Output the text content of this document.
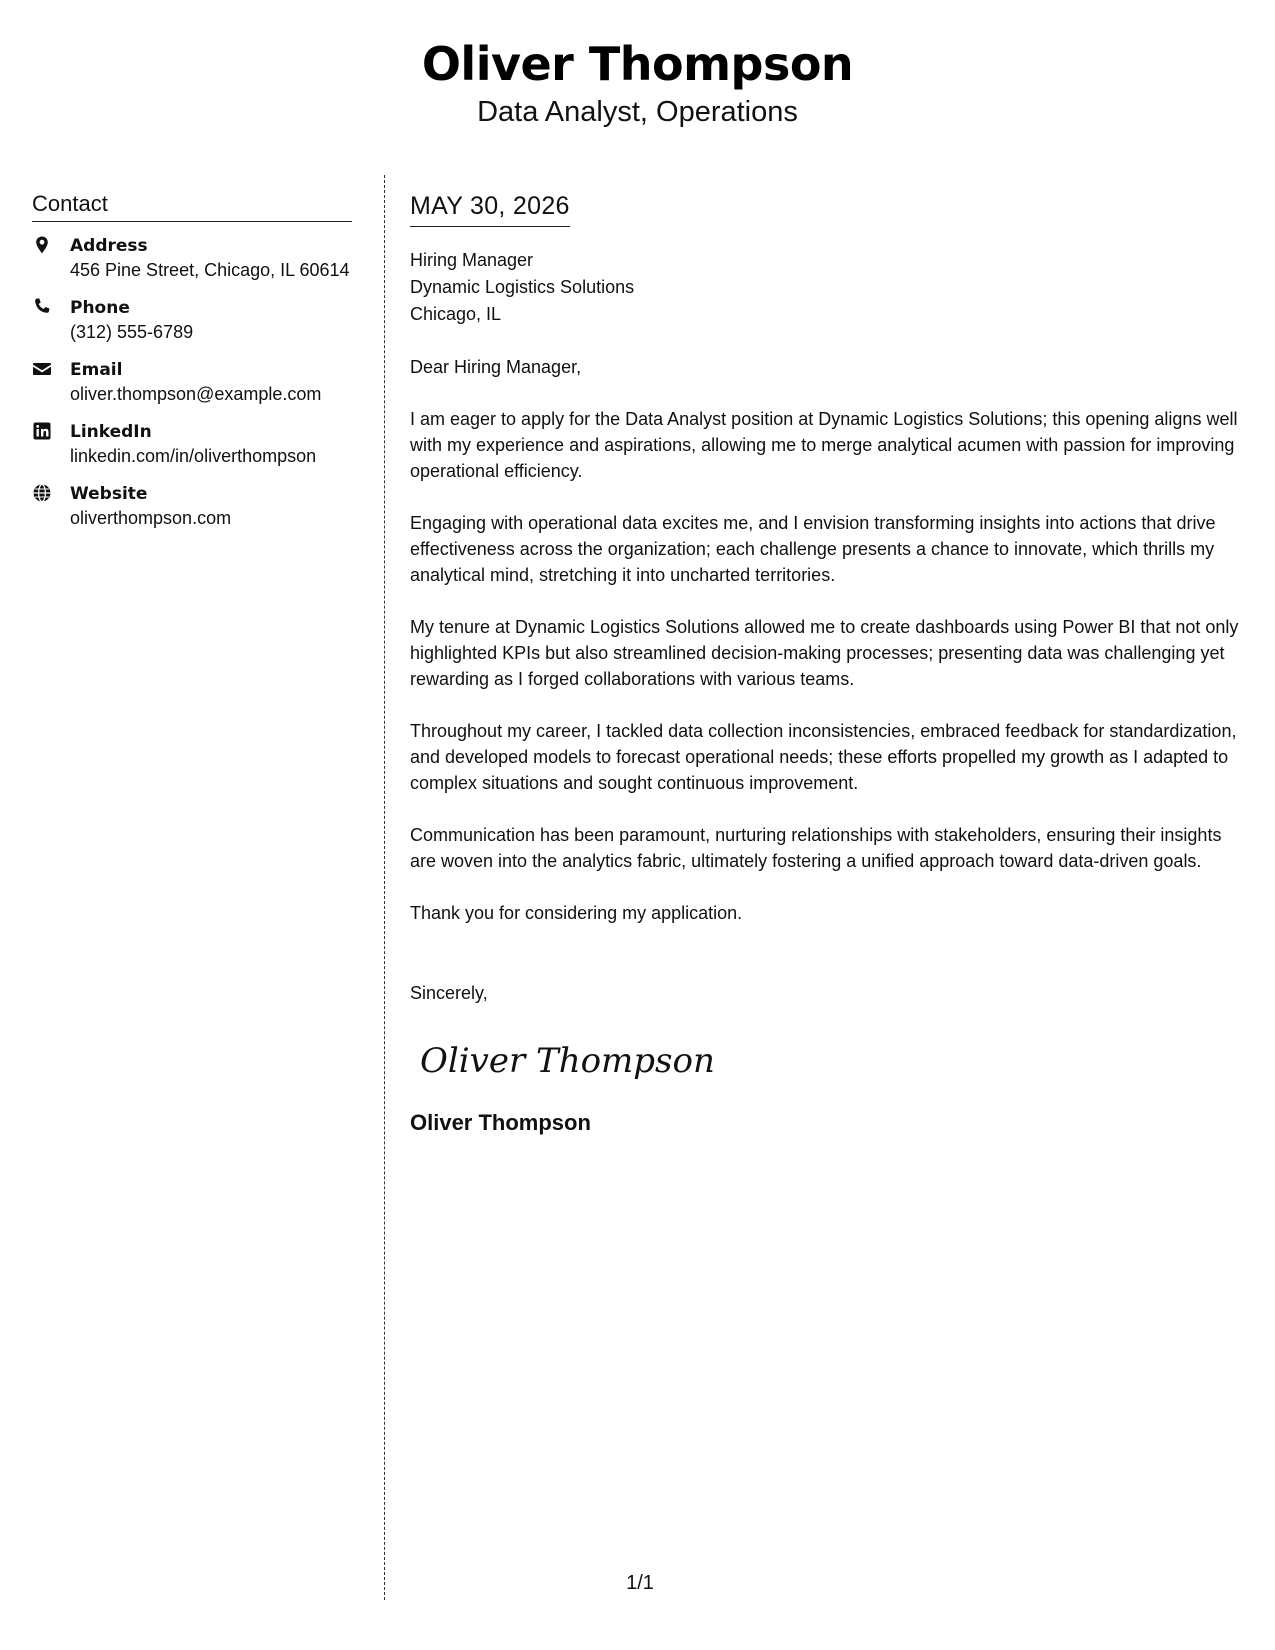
Oliver Thompson
Data Analyst, Operations
Contact
Address
456 Pine Street, Chicago, IL 60614
Phone
(312) 555-6789
Email
oliver.thompson@example.com
LinkedIn
linkedin.com/in/oliverthompson
Website
oliverthompson.com
MAY 30, 2026
Hiring Manager
Dynamic Logistics Solutions
Chicago, IL
Dear Hiring Manager,
I am eager to apply for the Data Analyst position at Dynamic Logistics Solutions; this opening aligns well with my experience and aspirations, allowing me to merge analytical acumen with passion for improving operational efficiency.
Engaging with operational data excites me, and I envision transforming insights into actions that drive effectiveness across the organization; each challenge presents a chance to innovate, which thrills my analytical mind, stretching it into uncharted territories.
My tenure at Dynamic Logistics Solutions allowed me to create dashboards using Power BI that not only highlighted KPIs but also streamlined decision-making processes; presenting data was challenging yet rewarding as I forged collaborations with various teams.
Throughout my career, I tackled data collection inconsistencies, embraced feedback for standardization, and developed models to forecast operational needs; these efforts propelled my growth as I adapted to complex situations and sought continuous improvement.
Communication has been paramount, nurturing relationships with stakeholders, ensuring their insights are woven into the analytics fabric, ultimately fostering a unified approach toward data-driven goals.
Thank you for considering my application.
Sincerely,
Oliver Thompson
Oliver Thompson
1/1
